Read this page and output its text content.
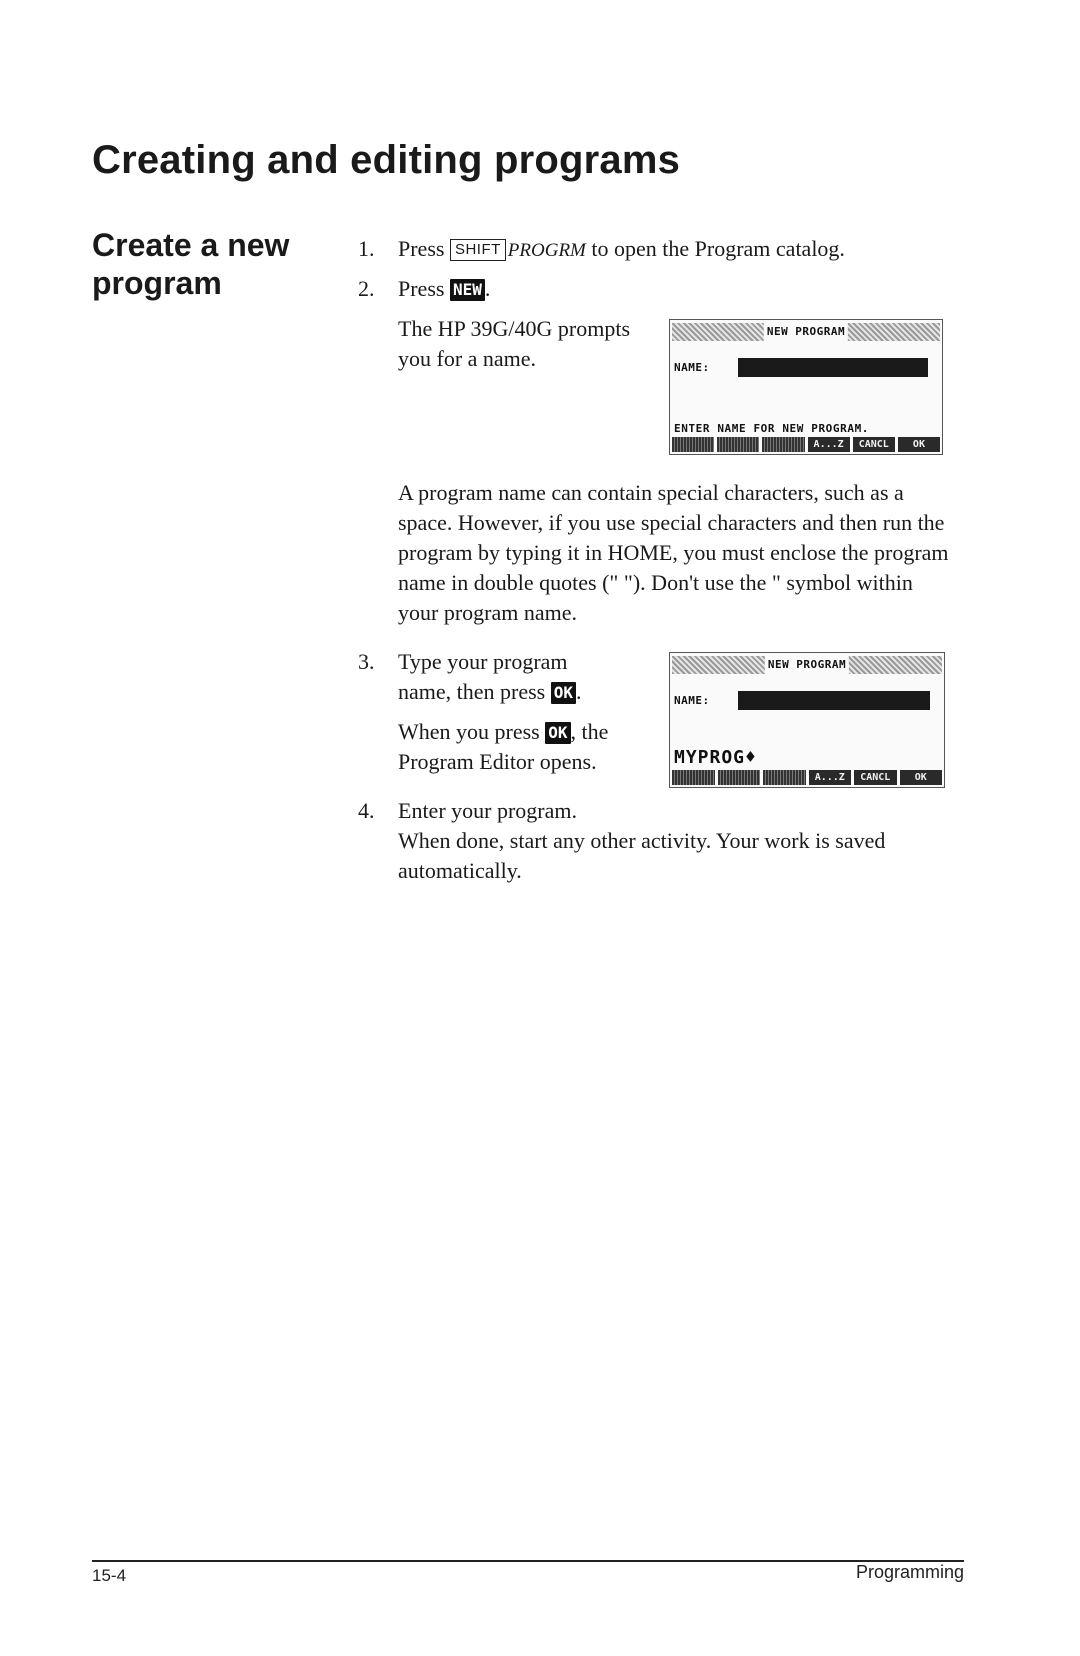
Creating and editing programs
Create a new program
1. Press SHIFT PROGRM to open the Program catalog.

2. Press NEW .

The HP 39G/40G prompts you for a name.

NEW PROGRAM
NAME:
ENTER NAME FOR NEW PROGRAM.
A...Z	CANCL	OK

A program name can contain special characters, such as a space. However, if you use special characters and then run the program by typing it in HOME, you must enclose the program name in double quotes (" "). Don't use the " symbol within your program name.

3. Type your program
name, then press OK .

When you press OK , the Program Editor opens.

NEW PROGRAM
NAME:
MYPROG♦
A...Z	CANCL	OK
4. Enter your program.

When done, start any other activity. Your work is saved automatically.

15-4	Programming
